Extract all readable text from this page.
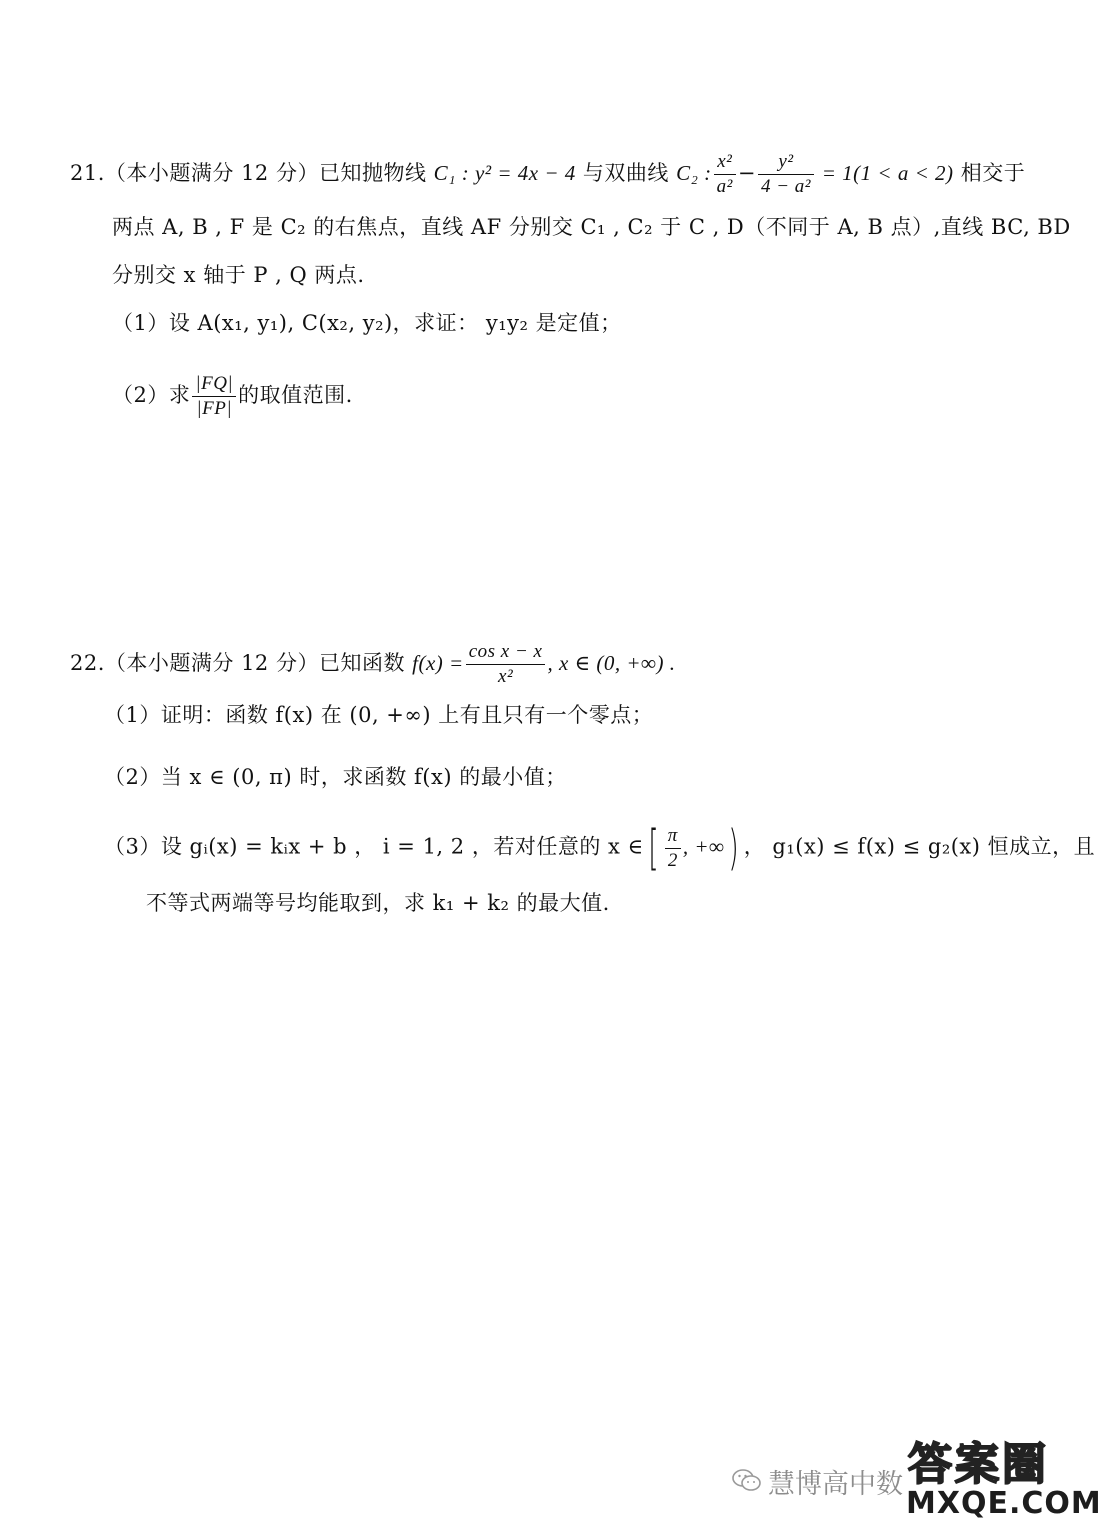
21.（本小题满分 12 分）已知抛物线 C₁ : y² = 4x − 4 与双曲线 C₂ : $\frac{\text{x²}}{\text{a²}} - \frac{\text{y²}}{\text{4 − a²}} = 1(1 < a < 2)$ 相交于
两点 A, B , F 是 C₂ 的右焦点，直线 AF 分别交 C₁ , C₂ 于 C , D（不同于 A, B 点）,直线 BC, BD
分别交 x 轴于 P , Q 两点.
（1）设 A(x₁, y₁), C(x₂, y₂)，求证： y₁y₂ 是定值；
（2）求 $\frac{|FQ|}{|FP|}$ 的取值范围.
22.（本小题满分 12 分）已知函数 $f(x) = \frac{\text{cos x − x}}{\text{x²}}$ , x ∈ (0, +∞) .
（1）证明：函数 f(x) 在 (0, +∞) 上有且只有一个零点；
（2）当 x ∈ (0, π) 时，求函数 f(x) 的最小值；
（3）设 gᵢ(x) = kᵢx + b ， i = 1, 2 ，若对任意的 x ∈[ $\frac{\pi}{2}$ , +∞) ， g₁(x) ≤ f(x) ≤ g₂(x) 恒成立，且
不等式两端等号均能取到，求 k₁ + k₂ 的最大值.
慧博高中数 答案圈
MXQE.COM
